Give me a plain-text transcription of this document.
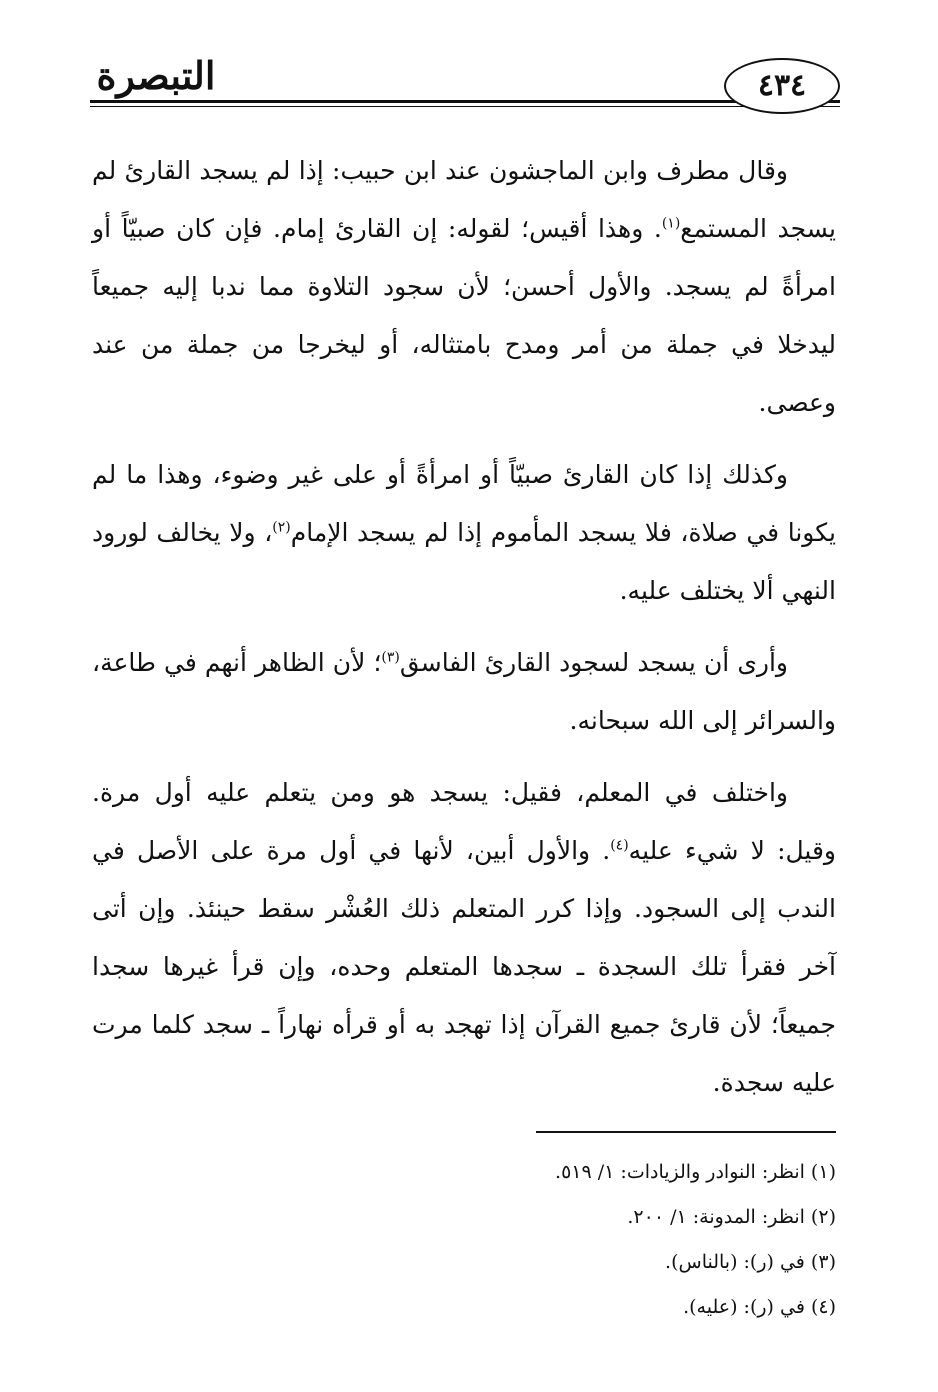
التبصرة	٤٣٤

وقال مطرف وابن الماجشون عند ابن حبيب: إذا لم يسجد القارئ لم يسجد المستمع$^{(١)}$. وهذا أقيس؛ لقوله: إن القارئ إمام. فإن كان صبيّاً أو امرأةً لم يسجد. والأول أحسن؛ لأن سجود التلاوة مما ندبا إليه جميعاً ليدخلا في جملة من أمر ومدح بامتثاله، أو ليخرجا من جملة من عند وعصى.

وكذلك إذا كان القارئ صبيّاً أو امرأةً أو على غير وضوء، وهذا ما لم يكونا في صلاة، فلا يسجد المأموم إذا لم يسجد الإمام$^{(٢)}$، ولا يخالف لورود النهي ألا يختلف عليه.

وأرى أن يسجد لسجود القارئ الفاسق$^{(٣)}$؛ لأن الظاهر أنهم في طاعة، والسرائر إلى الله سبحانه.

واختلف في المعلم، فقيل: يسجد هو ومن يتعلم عليه أول مرة. وقيل: لا شيء عليه$^{(٤)}$. والأول أبين، لأنها في أول مرة على الأصل في الندب إلى السجود. وإذا كرر المتعلم ذلك العُشْر سقط حينئذ. وإن أتى آخر فقرأ تلك السجدة ـ سجدها المتعلم وحده، وإن قرأ غيرها سجدا جميعاً؛ لأن قارئ جميع القرآن إذا تهجد به أو قرأه نهاراً ـ سجد كلما مرت عليه سجدة.

(١) انظر: النوادر والزيادات: ١/ ٥١٩.
(٢) انظر: المدونة: ١/ ٢٠٠.
(٣) في (ر): (بالناس).
(٤) في (ر): (عليه).
